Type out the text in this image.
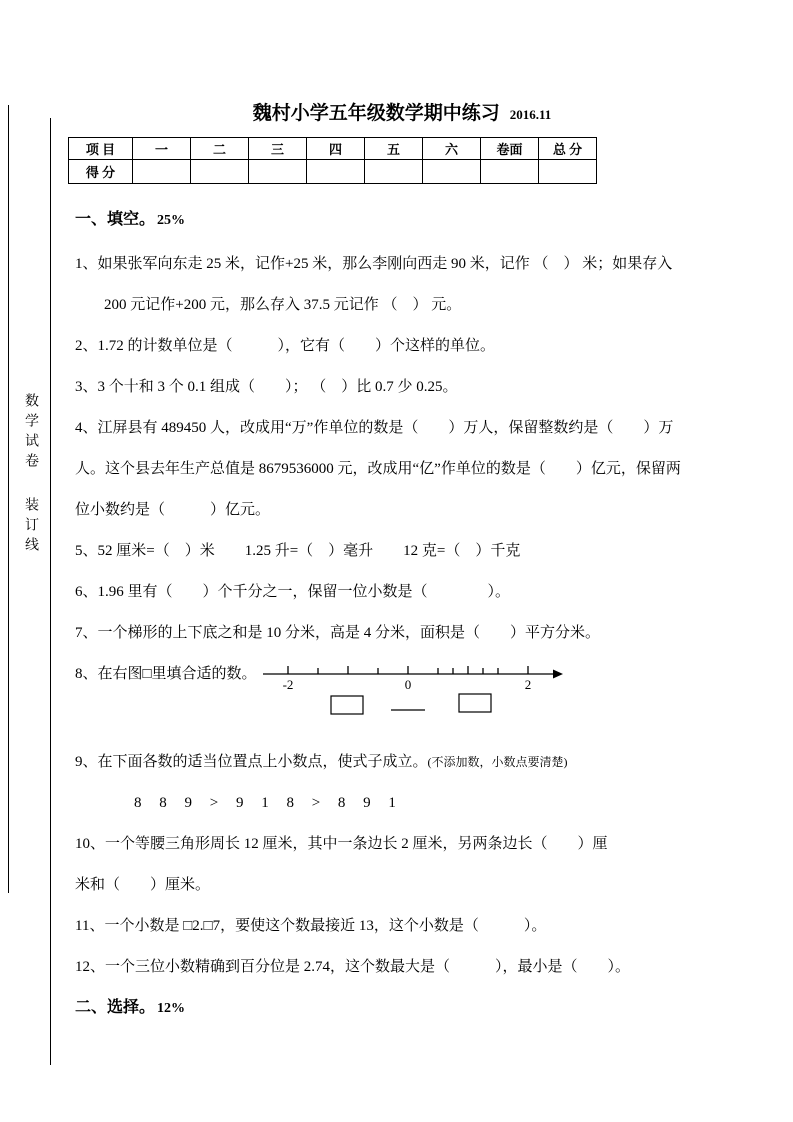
数学试卷
装订线
魏村小学五年级数学期中练习 2016.11
项 目	一	二	三	四	五	六	卷面	总 分
得 分								

一、填空。 25%

1、如果张军向东走 25 米，记作+25 米，那么李刚向西走 90 米，记作 （　） 米；如果存入

200 元记作+200 元，那么存入 37.5 元记作 （　） 元。

2、1.72 的计数单位是（　　　），它有（　　）个这样的单位。

3、3 个十和 3 个 0.1 组成（　　）； （　）比 0.7 少 0.25。

4、江屏县有 489450 人，改成用“万”作单位的数是（　　）万人，保留整数约是（　　）万

人。这个县去年生产总值是 8679536000 元，改成用“亿”作单位的数是（　　）亿元，保留两

位小数约是（　　　）亿元。

5、52 厘米=（　）米　　1.25 升=（　）毫升　　12 克=（　）千克

6、1.96 里有（　　）个千分之一，保留一位小数是（　　　　）。

7、一个梯形的上下底之和是 10 分米，高是 4 分米，面积是（　　）平方分米。

8、在右图□里填合适的数。

-2	0	2

9、在下面各数的适当位置点上小数点，使式子成立。(不添加数，小数点要清楚)

8 8 9 > 9 1 8 > 8 9 1

10、一个等腰三角形周长 12 厘米，其中一条边长 2 厘米，另两条边长（　　）厘

米和（　　）厘米。

11、一个小数是 □2.□7，要使这个数最接近 13，这个小数是（　　　）。

12、一个三位小数精确到百分位是 2.74，这个数最大是（　　　），最小是（　　）。

二、选择。 12%
